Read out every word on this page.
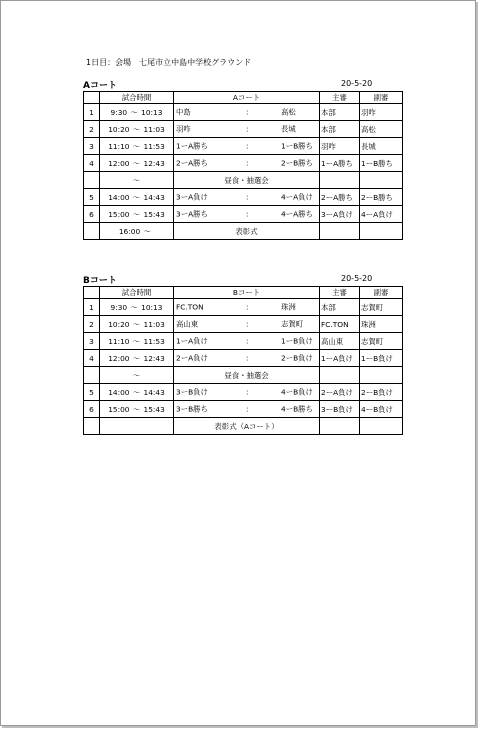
1日目：会場　七尾市立中島中学校グラウンド
Aコート	20-5-20
	試合時間	Aコート	主審	副審
1	9:30 ～ 10:13	中島 : 高松	本部	羽咋
2	10:20 ～ 11:03	羽咋 : 長城	本部	高松
3	11:10 ～ 11:53	1ーA勝ち : 1ーB勝ち	羽咋	長城
4	12:00 ～ 12:43	2ーA勝ち : 2ーB勝ち	1ーA勝ち	1ーB勝ち
	～	昼食・抽選会		
5	14:00 ～ 14:43	3ーA負け : 4ーA負け	2ーA勝ち	2ーB勝ち
6	15:00 ～ 15:43	3ーA勝ち : 4ーA勝ち	3ーA負け	4ーA負け
	16:00 ～	表彰式		
Bコート	20-5-20
	試合時間	Bコート	主審	副審
1	9:30 ～ 10:13	FC.TON : 珠洲	本部	志賀町
2	10:20 ～ 11:03	高山東 : 志賀町	FC.TON	珠洲
3	11:10 ～ 11:53	1ーA負け : 1ーB負け	高山東	志賀町
4	12:00 ～ 12:43	2ーA負け : 2ーB負け	1ーA負け	1ーB負け
	～	昼食・抽選会		
5	14:00 ～ 14:43	3ーB負け : 4ーB負け	2ーA負け	2ーB負け
6	15:00 ～ 15:43	3ーB勝ち : 4ーB勝ち	3ーB負け	4ーB負け
		表彰式（Aコート）		
